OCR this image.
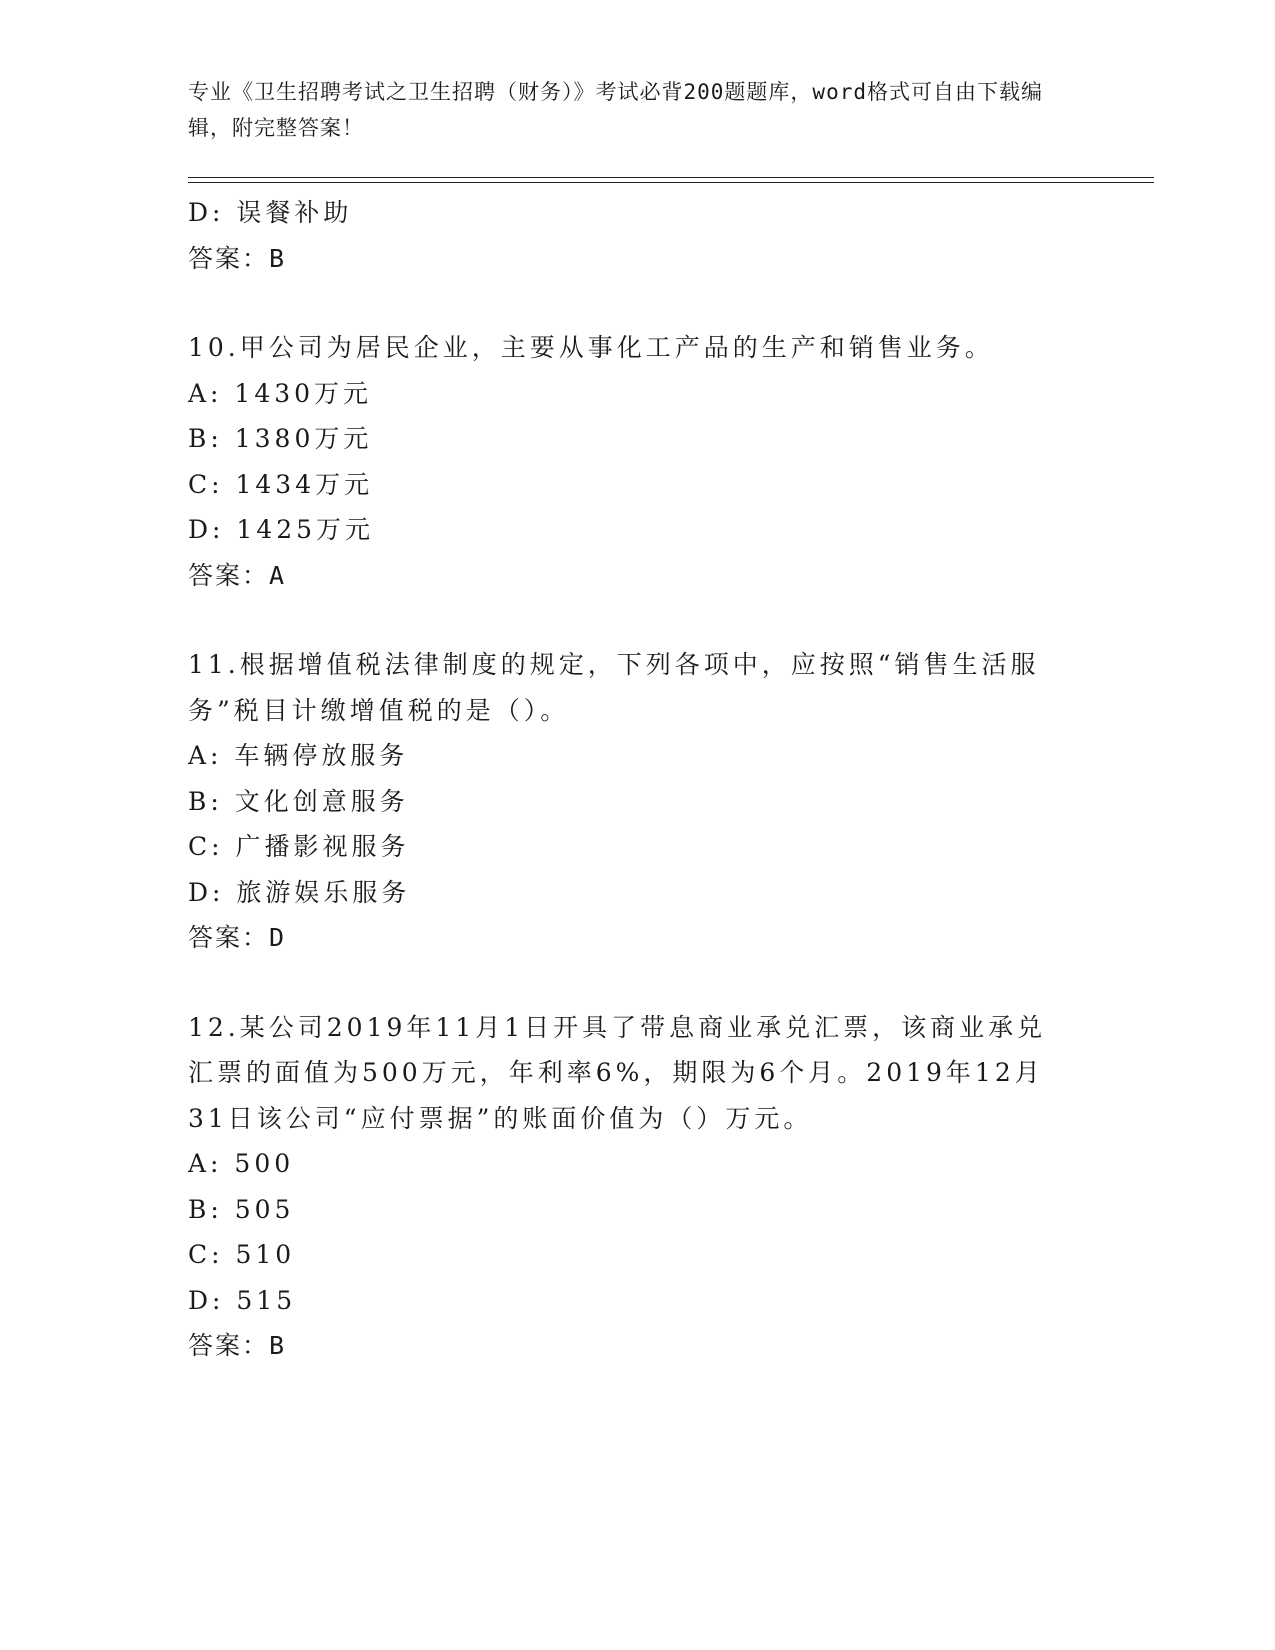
专业《卫生招聘考试之卫生招聘（财务）》考试必背200题题库，word格式可自由下载编辑，附完整答案！
D: 误餐补助
答案：B
10.甲公司为居民企业，主要从事化工产品的生产和销售业务。
A: 1430万元
B: 1380万元
C: 1434万元
D: 1425万元
答案：A
11.根据增值税法律制度的规定，下列各项中，应按照“销售生活服务”税目计缴增值税的是（）。
A: 车辆停放服务
B: 文化创意服务
C: 广播影视服务
D: 旅游娱乐服务
答案：D
12.某公司2019年11月1日开具了带息商业承兑汇票，该商业承兑汇票的面值为500万元，年利率6%，期限为6个月。2019年12月31日该公司“应付票据”的账面价值为（）万元。
A: 500
B: 505
C: 510
D: 515
答案：B
